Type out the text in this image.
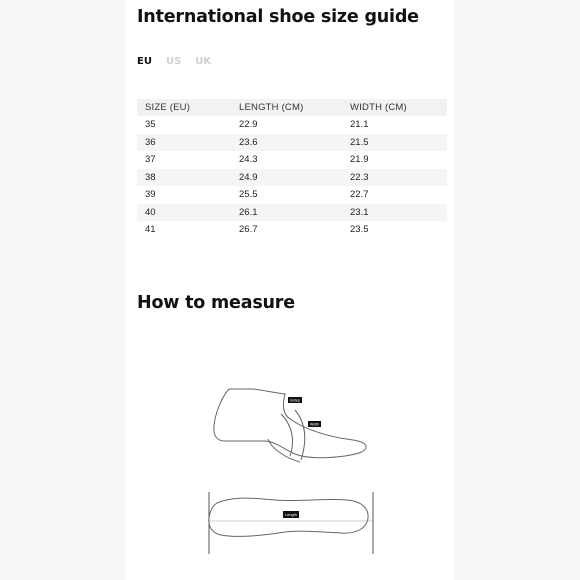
International shoe size guide
EU US UK
SIZE (EU)	LENGTH (CM)	WIDTH (CM)
35	22.9	21.1
36	23.6	21.5
37	24.3	21.9
38	24.9	22.3
39	25.5	22.7
40	26.1	23.1
41	26.7	23.5
How to measure
Instep
Width
Length
